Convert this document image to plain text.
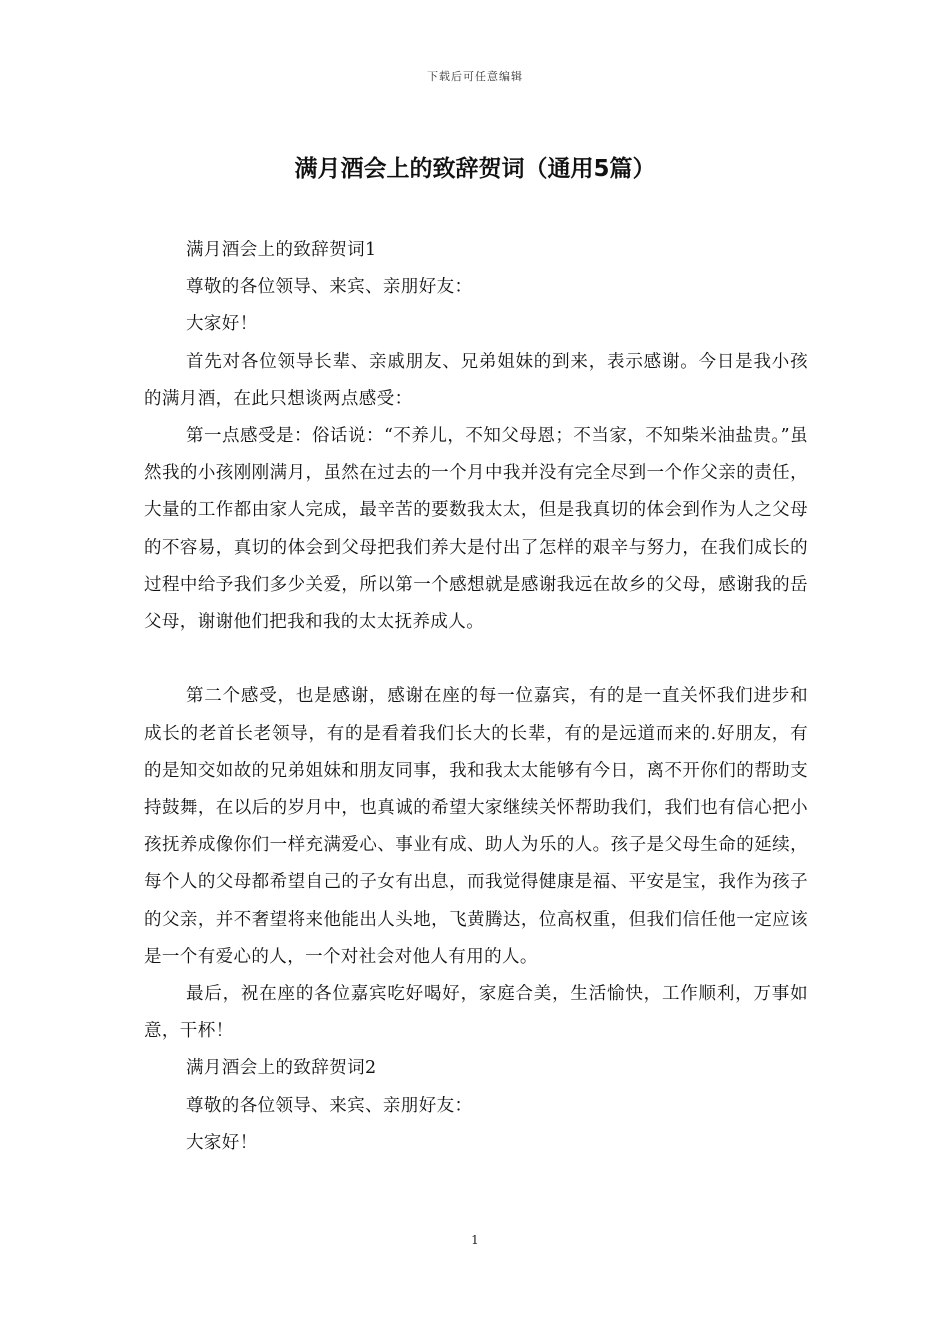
下载后可任意编辑
满月酒会上的致辞贺词（通用5篇）

满月酒会上的致辞贺词1

尊敬的各位领导、来宾、亲朋好友：

大家好！

首先对各位领导长辈、亲戚朋友、兄弟姐妹的到来，表示感谢。今日是我小孩的满月酒，在此只想谈两点感受：

第一点感受是：俗话说：“不养儿，不知父母恩；不当家，不知柴米油盐贵。”虽然我的小孩刚刚满月，虽然在过去的一个月中我并没有完全尽到一个作父亲的责任，大量的工作都由家人完成，最辛苦的要数我太太，但是我真切的体会到作为人之父母的不容易，真切的体会到父母把我们养大是付出了怎样的艰辛与努力，在我们成长的过程中给予我们多少关爱，所以第一个感想就是感谢我远在故乡的父母，感谢我的岳父母，谢谢他们把我和我的太太抚养成人。

第二个感受，也是感谢，感谢在座的每一位嘉宾，有的是一直关怀我们进步和成长的老首长老领导，有的是看着我们长大的长辈，有的是远道而来的.好朋友，有的是知交如故的兄弟姐妹和朋友同事，我和我太太能够有今日，离不开你们的帮助支持鼓舞，在以后的岁月中，也真诚的希望大家继续关怀帮助我们，我们也有信心把小孩抚养成像你们一样充满爱心、事业有成、助人为乐的人。孩子是父母生命的延续，每个人的父母都希望自己的子女有出息，而我觉得健康是福、平安是宝，我作为孩子的父亲，并不奢望将来他能出人头地，飞黄腾达，位高权重，但我们信任他一定应该是一个有爱心的人，一个对社会对他人有用的人。

最后，祝在座的各位嘉宾吃好喝好，家庭合美，生活愉快，工作顺利，万事如意，干杯！

满月酒会上的致辞贺词2

尊敬的各位领导、来宾、亲朋好友：

大家好！

1
